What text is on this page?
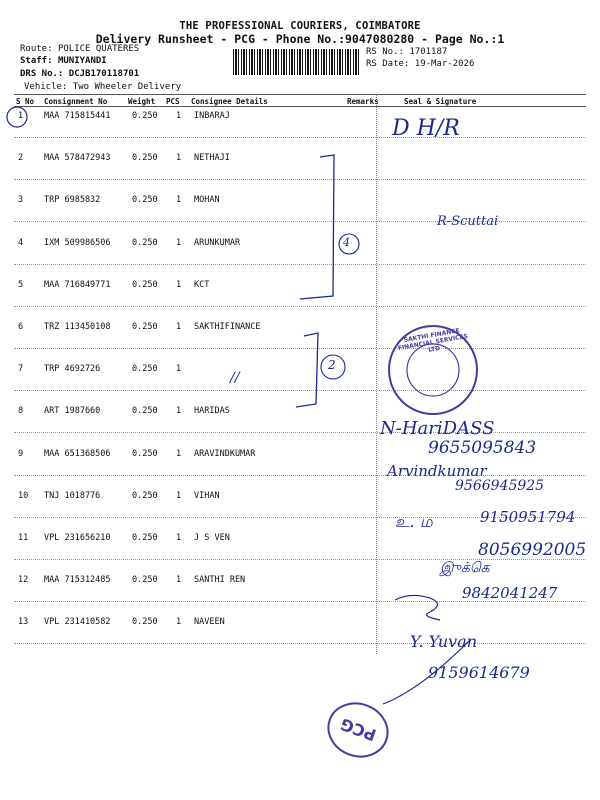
THE PROFESSIONAL COURIERS, COIMBATORE
Delivery Runsheet - PCG - Phone No.:9047080280 - Page No.:1
Route: POLICE QUATERES
Staff: MUNIYANDI
DRS No.: DCJB170118701
Vehicle: Two Wheeler Delivery
RS No.: 1701187
RS Date: 19-Mar-2026
S No Consignment No	Weight PCS Consignee Details	Remarks	Seal & Signature
1 MAA 715815441	0.250 1 INBARAJ
2 MAA 578472943	0.250 1 NETHAJI
3 TRP 6985832	0.250 1 MOHAN
4 IXM 509986506	0.250 1 ARUNKUMAR
5 MAA 716849771	0.250 1 KCT
6 TRZ 113450108	0.250 1 SAKTHIFINANCE
7 TRP 4692726	0.250 1
8 ART 1987660	0.250 1 HARIDAS
9 MAA 651368506	0.250 1 ARAVINDKUMAR
10 TNJ 1018776	0.250 1 VIHAN
11 VPL 231656210	0.250 1 J S VEN
12 MAA 715312485	0.250 1 SANTHI REN
13 VPL 231410582	0.250 1 NAVEEN
D H/R
R-Scuttai
4
2
//
N-HariDASS
9655095843
Arvindkumar
9566945925
உ. ம	9150951794
8056992005
இுக்கெ
9842041247
Y. Yuvan
9159614679
SAKTHI FINANCE FINANCIAL SERVICES LTD
PCG
